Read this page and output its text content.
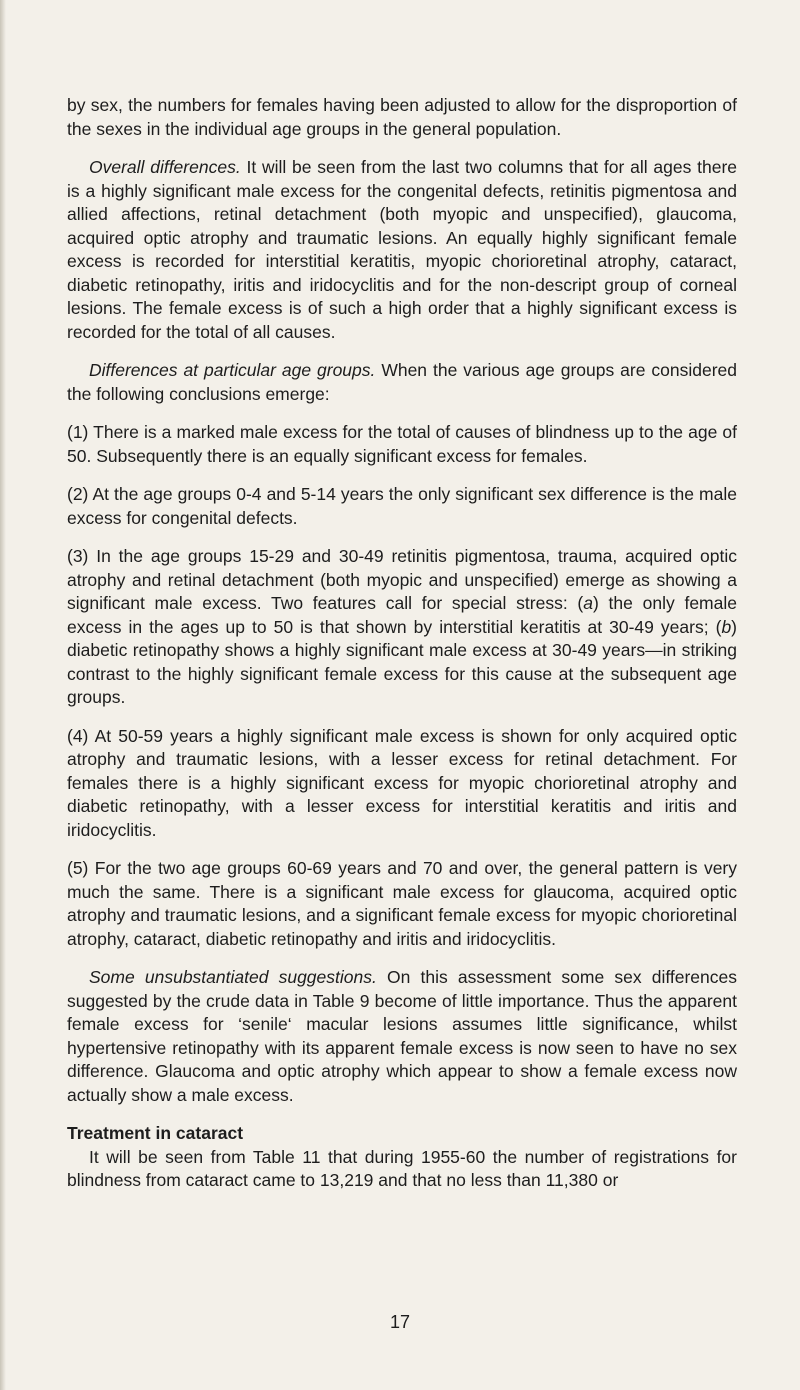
by sex, the numbers for females having been adjusted to allow for the disproportion of the sexes in the individual age groups in the general population.

Overall differences. It will be seen from the last two columns that for all ages there is a highly significant male excess for the congenital defects, retinitis pigmentosa and allied affections, retinal detachment (both myopic and unspecified), glaucoma, acquired optic atrophy and traumatic lesions. An equally highly significant female excess is recorded for interstitial keratitis, myopic chorioretinal atrophy, cataract, diabetic retinopathy, iritis and iridocyclitis and for the non-descript group of corneal lesions. The female excess is of such a high order that a highly significant excess is recorded for the total of all causes.

Differences at particular age groups. When the various age groups are considered the following conclusions emerge:

(1) There is a marked male excess for the total of causes of blindness up to the age of 50. Subsequently there is an equally significant excess for females.

(2) At the age groups 0-4 and 5-14 years the only significant sex difference is the male excess for congenital defects.

(3) In the age groups 15-29 and 30-49 retinitis pigmentosa, trauma, acquired optic atrophy and retinal detachment (both myopic and unspecified) emerge as showing a significant male excess. Two features call for special stress: (a) the only female excess in the ages up to 50 is that shown by interstitial keratitis at 30-49 years; (b) diabetic retinopathy shows a highly significant male excess at 30-49 years—in striking contrast to the highly significant female excess for this cause at the subsequent age groups.

(4) At 50-59 years a highly significant male excess is shown for only acquired optic atrophy and traumatic lesions, with a lesser excess for retinal detachment. For females there is a highly significant excess for myopic chorioretinal atrophy and diabetic retinopathy, with a lesser excess for interstitial keratitis and iritis and iridocyclitis.

(5) For the two age groups 60-69 years and 70 and over, the general pattern is very much the same. There is a significant male excess for glaucoma, acquired optic atrophy and traumatic lesions, and a significant female excess for myopic chorioretinal atrophy, cataract, diabetic retinopathy and iritis and iridocyclitis.

Some unsubstantiated suggestions. On this assessment some sex differences suggested by the crude data in Table 9 become of little importance. Thus the apparent female excess for ‘senile‘ macular lesions assumes little significance, whilst hypertensive retinopathy with its apparent female excess is now seen to have no sex difference. Glaucoma and optic atrophy which appear to show a female excess now actually show a male excess.

Treatment in cataract

It will be seen from Table 11 that during 1955-60 the number of registrations for blindness from cataract came to 13,219 and that no less than 11,380 or

17
